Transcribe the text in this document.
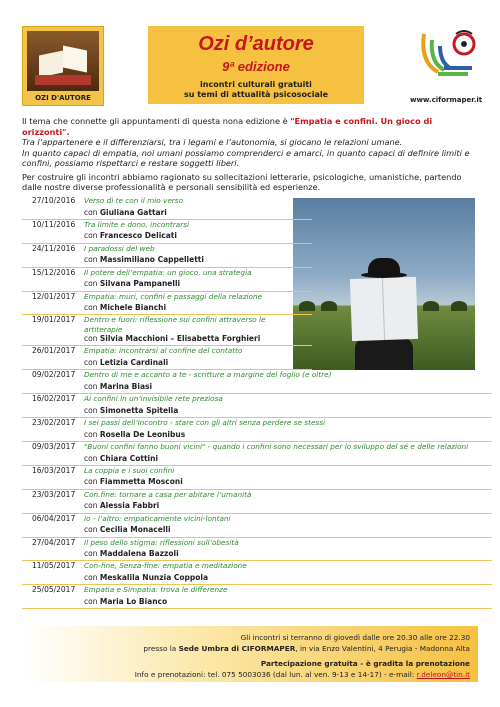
OZI D'AUTORE
Ozi d’autore
9ª edizione
incontri culturali gratuiti
su temi di attualità psicosociale
www.ciformaper.it

Il tema che connette gli appuntamenti di questa nona edizione è "Empatia e confini. Un gioco di orizzonti".

Tra l’appartenere e il differenziarsi, tra i legami e l’autonomia, si giocano le relazioni umane.

In quanto capaci di empatia, noi umani possiamo comprenderci e amarci, in quanto capaci di definire limiti e confini, possiamo rispettarci e restare soggetti liberi.

Per costruire gli incontri abbiamo ragionato su sollecitazioni letterarie, psicologiche, umanistiche, partendo dalle nostre diverse professionalità e personali sensibilità ed esperienze.

27/10/2016 Verso di te con il mio verso
con Giuliana Gattari
10/11/2016 Tra limite e dono, incontrarsi
con Francesco Delicati
24/11/2016 I paradossi del web
con Massimiliano Cappelletti
15/12/2016 Il potere dell’empatia: un gioco, una strategia
con Silvana Pampanelli
12/01/2017 Empatia: muri, confini e passaggi della relazione
con Michele Bianchi
19/01/2017 Dentro e fuori: riflessione sui confini attraverso le
artiterapie
con Silvia Macchioni – Elisabetta Forghieri
26/01/2017 Empatia: incontrarsi al confine del contatto
con Letizia Cardinali
09/02/2017 Dentro di me e accanto a te - scritture a margine del foglio (e oltre)
con Marina Biasi
16/02/2017 Ai confini in un’invisibile rete preziosa
con Simonetta Spitella
23/02/2017 I sei passi dell’incontro - stare con gli altri senza perdere se stessi
con Rosella De Leonibus
09/03/2017 "Buoni confini fanno buoni vicini" - quando i confini sono necessari per lo sviluppo del sé e delle relazioni
con Chiara Cottini
16/03/2017 La coppia e i suoi confini
con Fiammetta Mosconi
23/03/2017 Con.fine: tornare a casa per abitare l’umanità
con Alessia Fabbri
06/04/2017 Io - l’altro: empaticamente vicini-lontani
con Cecilia Monacelli
27/04/2017 Il peso dello stigma: riflessioni sull’obesità
con Maddalena Bazzoli
11/05/2017 Con-fine, Senza-fine: empatia e meditazione
con Meskalila Nunzia Coppola
25/05/2017 Empatia e Simpatia: trova le differenze
con Maria Lo Bianco
Gli incontri si terranno di giovedì dalle ore 20.30 alle ore 22.30
presso la Sede Umbra di CIFORMAPER, in via Enzo Valentini, 4 Perugia - Madonna Alta
Partecipazione gratuita - è gradita la prenotazione
Info e prenotazioni: tel. 075 5003036 (dal lun. al ven. 9-13 e 14-17) - e-mail: r.deleon@tin.it
